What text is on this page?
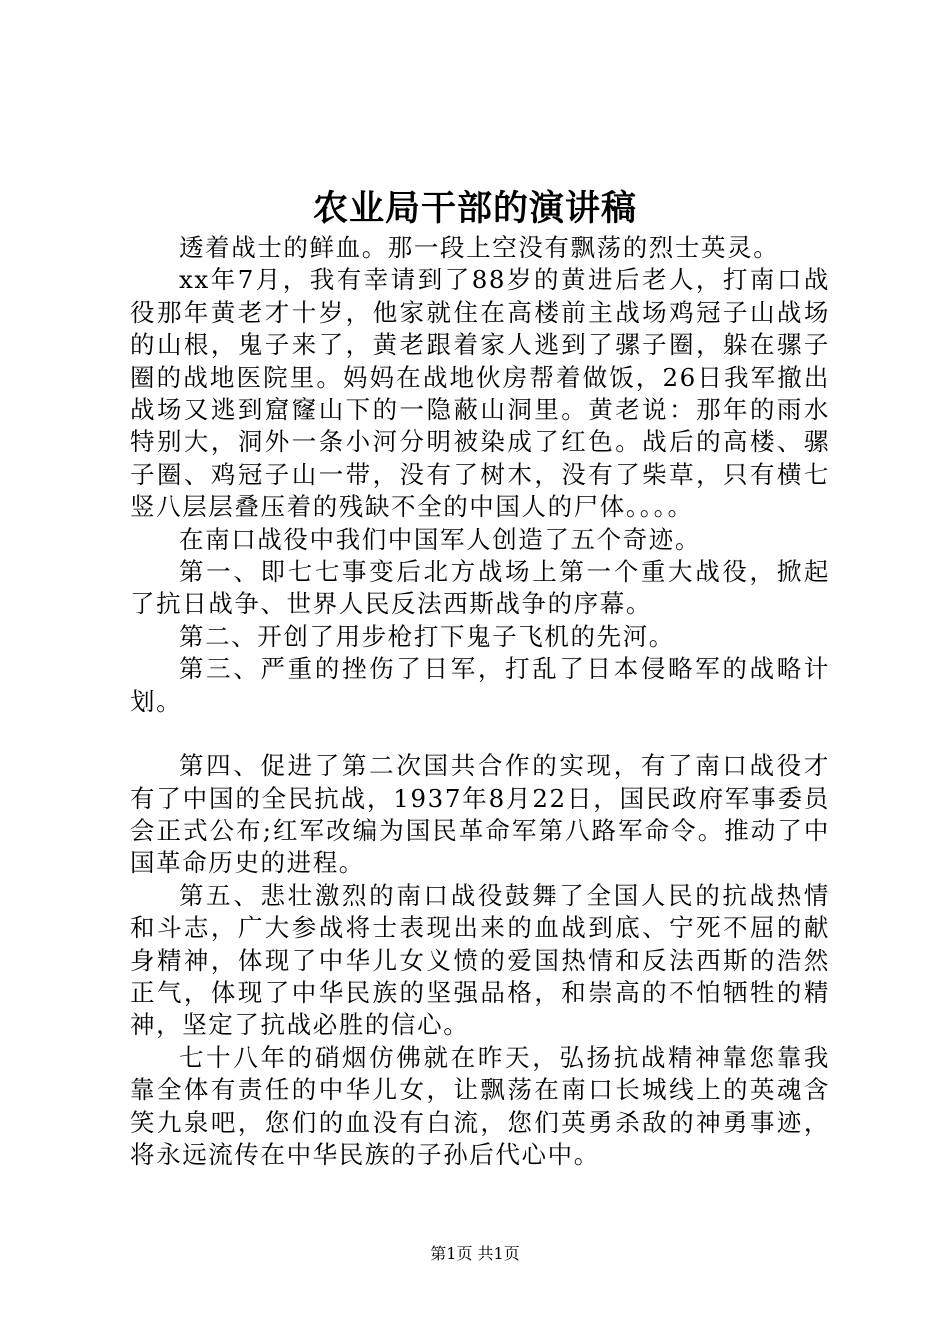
农业局干部的演讲稿

透着战士的鲜血。那一段上空没有飘荡的烈士英灵。

xx年7月，我有幸请到了88岁的黄进后老人，打南口战役那年黄老才十岁，他家就住在高楼前主战场鸡冠子山战场的山根，鬼子来了，黄老跟着家人逃到了骡子圈，躲在骡子圈的战地医院里。妈妈在战地伙房帮着做饭，26日我军撤出战场又逃到窟窿山下的一隐蔽山洞里。黄老说：那年的雨水特别大，洞外一条小河分明被染成了红色。战后的高楼、骡子圈、鸡冠子山一带，没有了树木，没有了柴草，只有横七竖八层层叠压着的残缺不全的中国人的尸体。。。。

在南口战役中我们中国军人创造了五个奇迹。

第一、即七七事变后北方战场上第一个重大战役，掀起了抗日战争、世界人民反法西斯战争的序幕。

第二、开创了用步枪打下鬼子飞机的先河。

第三、严重的挫伤了日军，打乱了日本侵略军的战略计划。

第四、促进了第二次国共合作的实现，有了南口战役才有了中国的全民抗战，1937年8月22日，国民政府军事委员会正式公布;红军改编为国民革命军第八路军命令。推动了中国革命历史的进程。

第五、悲壮激烈的南口战役鼓舞了全国人民的抗战热情和斗志，广大参战将士表现出来的血战到底、宁死不屈的献身精神，体现了中华儿女义愤的爱国热情和反法西斯的浩然正气，体现了中华民族的坚强品格，和崇高的不怕牺牲的精神，坚定了抗战必胜的信心。

七十八年的硝烟仿佛就在昨天，弘扬抗战精神靠您靠我靠全体有责任的中华儿女，让飘荡在南口长城线上的英魂含笑九泉吧，您们的血没有白流，您们英勇杀敌的神勇事迹，将永远流传在中华民族的子孙后代心中。

第1页 共1页
